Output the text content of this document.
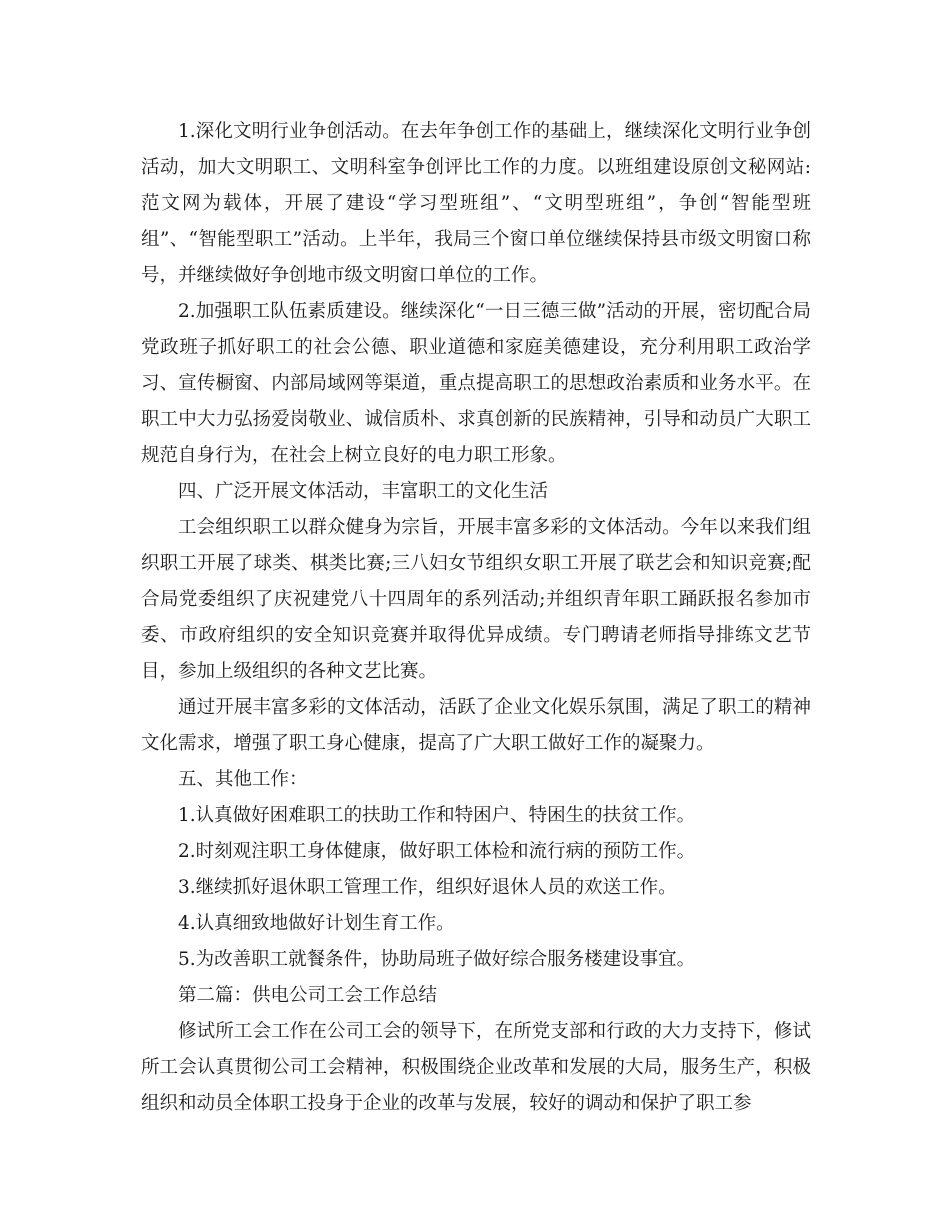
1.深化文明行业争创活动。在去年争创工作的基础上，继续深化文明行业争创活动，加大文明职工、文明科室争创评比工作的力度。以班组建设原创文秘网站:范文网为载体，开展了建设“学习型班组”、“文明型班组”，争创“智能型班组”、“智能型职工”活动。上半年，我局三个窗口单位继续保持县市级文明窗口称号，并继续做好争创地市级文明窗口单位的工作。

2.加强职工队伍素质建设。继续深化“一日三德三做”活动的开展，密切配合局党政班子抓好职工的社会公德、职业道德和家庭美德建设，充分利用职工政治学习、宣传橱窗、内部局域网等渠道，重点提高职工的思想政治素质和业务水平。在职工中大力弘扬爱岗敬业、诚信质朴、求真创新的民族精神，引导和动员广大职工规范自身行为，在社会上树立良好的电力职工形象。

四、广泛开展文体活动，丰富职工的文化生活

工会组织职工以群众健身为宗旨，开展丰富多彩的文体活动。今年以来我们组织职工开展了球类、棋类比赛;三八妇女节组织女职工开展了联艺会和知识竞赛;配合局党委组织了庆祝建党八十四周年的系列活动;并组织青年职工踊跃报名参加市委、市政府组织的安全知识竞赛并取得优异成绩。专门聘请老师指导排练文艺节目，参加上级组织的各种文艺比赛。

通过开展丰富多彩的文体活动，活跃了企业文化娱乐氛围，满足了职工的精神文化需求，增强了职工身心健康，提高了广大职工做好工作的凝聚力。

五、其他工作：

1.认真做好困难职工的扶助工作和特困户、特困生的扶贫工作。

2.时刻观注职工身体健康，做好职工体检和流行病的预防工作。

3.继续抓好退休职工管理工作，组织好退休人员的欢送工作。

4.认真细致地做好计划生育工作。

5.为改善职工就餐条件，协助局班子做好综合服务楼建设事宜。

第二篇：供电公司工会工作总结

修试所工会工作在公司工会的领导下，在所党支部和行政的大力支持下，修试所工会认真贯彻公司工会精神，积极围绕企业改革和发展的大局，服务生产，积极组织和动员全体职工投身于企业的改革与发展，较好的调动和保护了职工参
